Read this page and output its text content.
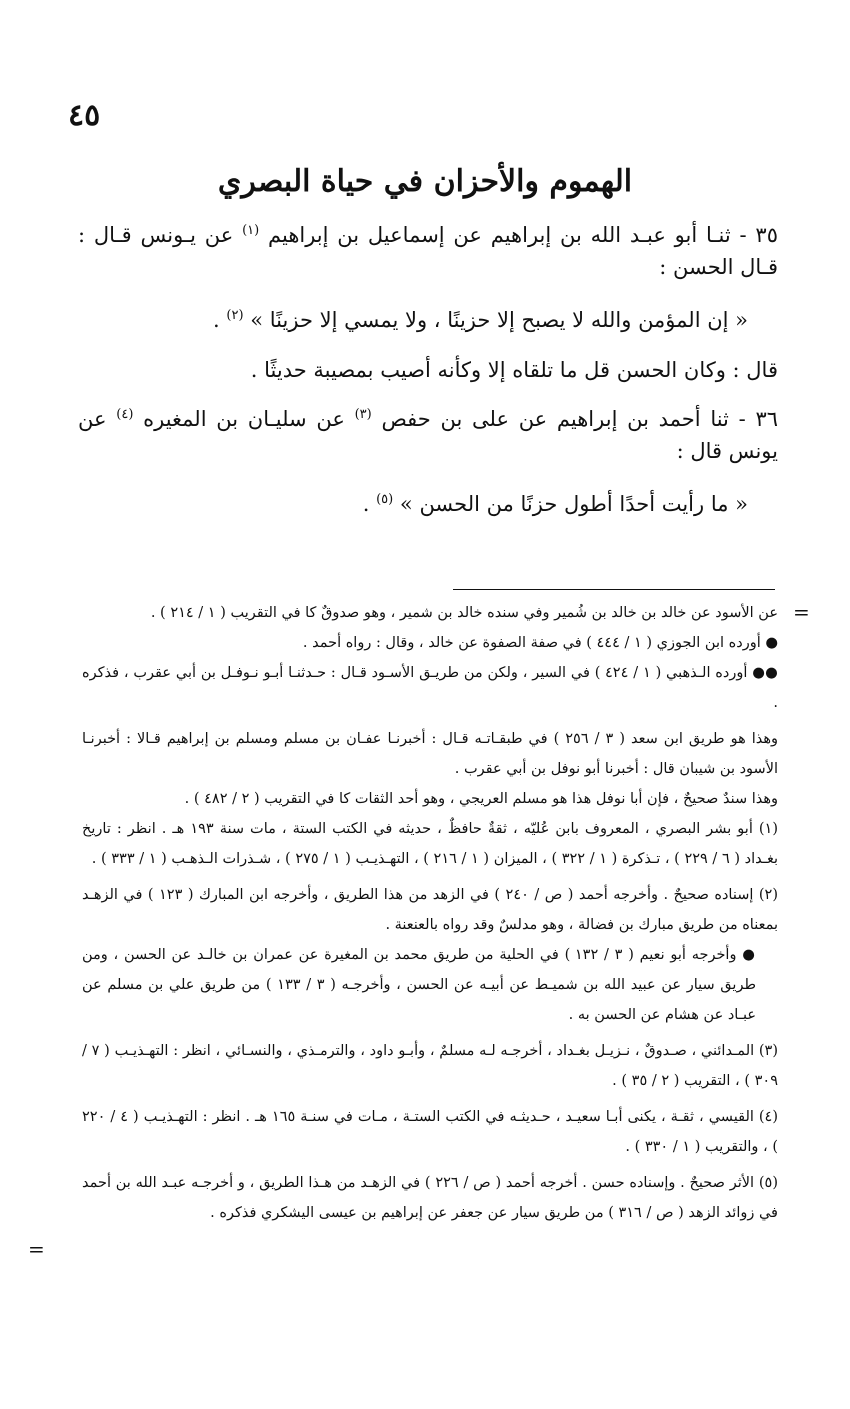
٤٥
الهموم والأحزان في حياة البصري

٣٥ - ثنـا أبو عبـد الله بن إبراهيم عن إسماعيل بن إبراهيم $^{(١)}$ عن يـونس قـال : قـال الحسن :

« إن المؤمن والله لا يصبح إلا حزينًا ، ولا يمسي إلا حزينًا » $^{(٢)}$ .

قال : وكان الحسن قل ما تلقاه إلا وكأنه أصيب بمصيبة حديثًا .

٣٦ - ثنا أحمد بن إبراهيم عن على بن حفص $^{(٣)}$ عن سليـان بن المغيره $^{(٤)}$ عن يونس قال :

« ما رأيت أحدًا أطول حزنًا من الحسن » $^{(٥)}$ .

=
=

عن الأسود عن خالد بن خالد بن شُمير وفي سنده خالد بن شمير ، وهو صدوقٌ كا في التقريب ( ١ / ٢١٤ ) .

● أورده ابن الجوزي ( ١ / ٤٤٤ ) في صفة الصفوة عن خالد ، وقال : رواه أحمد .

●● أورده الـذهبي ( ١ / ٤٢٤ ) في السير ، ولكن من طريـق الأسـود قـال : حـدثنـا أبـو نـوفـل بن أبي عقرب ، فذكره .

وهذا هو طريق ابن سعد ( ٣ / ٢٥٦ ) في طبقـاتـه قـال : أخبرنـا عفـان بن مسلم ومسلم بن إبراهيم قـالا : أخبرنـا الأسود بن شيبان قال : أخبرنا أبو نوفل بن أبي عقرب .

وهذا سندٌ صحيحٌ ، فإن أبا نوفل هذا هو مسلم العريجي ، وهو أحد الثقات كا في التقريب ( ٢ / ٤٨٢ ) .

(١) أبو بشر البصري ، المعروف بابن عُليّه ، ثقةٌ حافظٌ ، حديثه في الكتب الستة ، مات سنة ١٩٣ هـ . انظر : تاريخ بغـداد ( ٦ / ٢٢٩ ) ، تـذكرة ( ١ / ٣٢٢ ) ، الميزان ( ١ / ٢١٦ ) ، التهـذيـب ( ١ / ٢٧٥ ) ، شـذرات الـذهـب ( ١ / ٣٣٣ ) .

(٢) إسناده صحيحٌ . وأخرجه أحمد ( ص / ٢٤٠ ) في الزهد من هذا الطريق ، وأخرجه ابن المبارك ( ١٢٣ ) في الزهـد بمعناه من طريق مبارك بن فضالة ، وهو مدلسٌ وقد رواه بالعنعنة .

● وأخرجه أبو نعيم ( ٣ / ١٣٢ ) في الحلية من طريق محمد بن المغيرة عن عمران بن خالـد عن الحسن ، ومن طريق سيار عن عبيد الله بن شميـط عن أبيـه عن الحسن ، وأخرجـه ( ٣ / ١٣٣ ) من طريق علي بن مسلم عن عبـاد عن هشام عن الحسن به .

(٣) المـدائني ، صـدوقٌ ، نـزيـل بغـداد ، أخرجـه لـه مسلمٌ ، وأبـو داود ، والترمـذي ، والنسـائي ، انظر : التهـذيـب ( ٧ / ٣٠٩ ) ، التقريب ( ٢ / ٣٥ ) .

(٤) القيسي ، ثقـة ، يكنى أبـا سعيـد ، حـديثـه في الكتب الستـة ، مـات في سنـة ١٦٥ هـ . انظر : التهـذيـب ( ٤ / ٢٢٠ ) ، والتقريب ( ١ / ٣٣٠ ) .

(٥) الأثر صحيحٌ . وإسناده حسن . أخرجه أحمد ( ص / ٢٢٦ ) في الزهـد من هـذا الطريق ، و أخرجـه عبـد الله بن أحمد في زوائد الزهد ( ص / ٣١٦ ) من طريق سيار عن جعفر عن إبراهيم بن عيسى اليشكري فذكره .
